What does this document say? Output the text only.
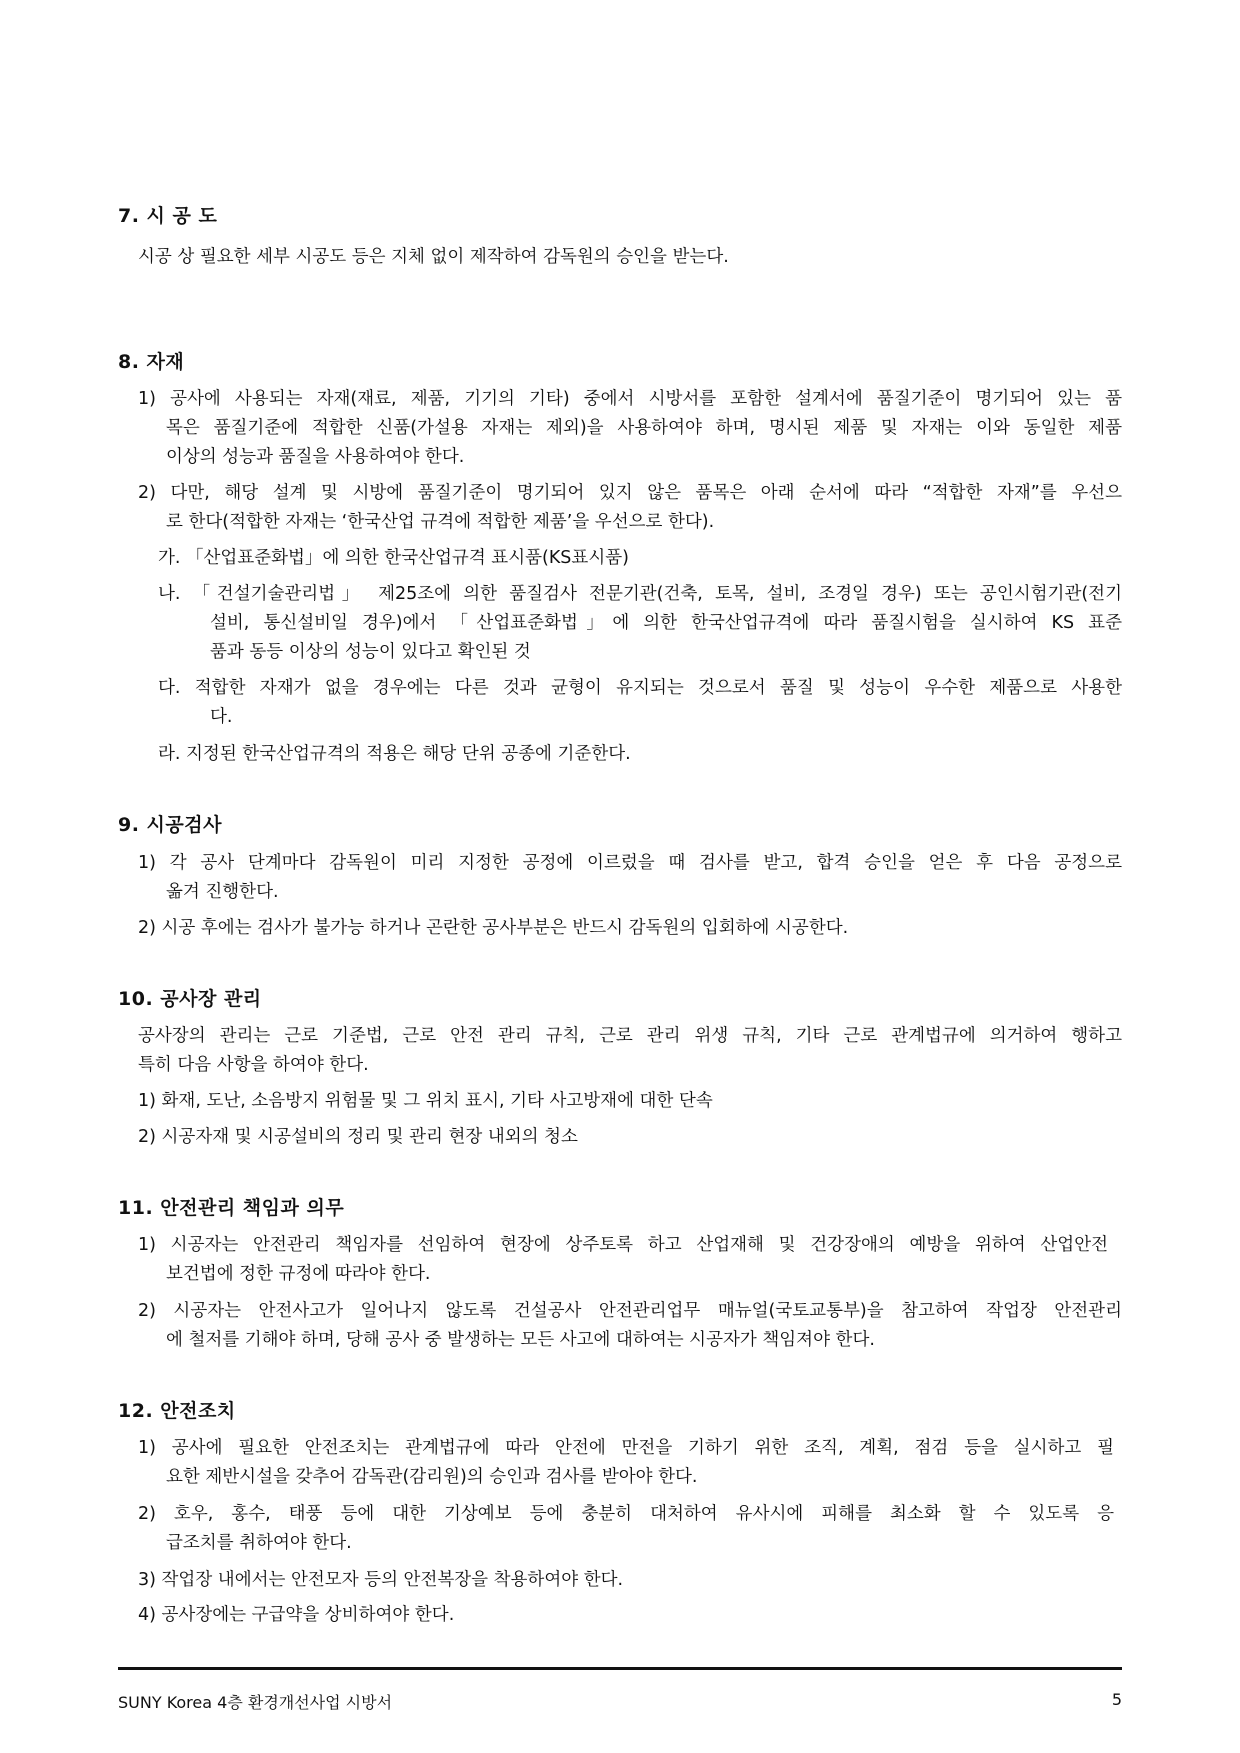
7. 시 공 도
시공 상 필요한 세부 시공도 등은 지체 없이 제작하여 감독원의 승인을 받는다.
8. 자재
1) 공사에 사용되는 자재(재료, 제품, 기기의 기타) 중에서 시방서를 포함한 설계서에 품질기준이 명기되어 있는 품
목은 품질기준에 적합한 신품(가설용 자재는 제외)을 사용하여야 하며, 명시된 제품 및 자재는 이와 동일한 제품
이상의 성능과 품질을 사용하여야 한다.
2) 다만, 해당 설계 및 시방에 품질기준이 명기되어 있지 않은 품목은 아래 순서에 따라 “적합한 자재”를 우선으
로 한다(적합한 자재는 ‘한국산업 규격에 적합한 제품’을 우선으로 한다).
가. 「산업표준화법」에 의한 한국산업규격 표시품(KS표시품)
나. 「건설기술관리법」 제25조에 의한 품질검사 전문기관(건축, 토목, 설비, 조경일 경우) 또는 공인시험기관(전기
설비, 통신설비일 경우)에서 「산업표준화법」에 의한 한국산업규격에 따라 품질시험을 실시하여 KS 표준
품과 동등 이상의 성능이 있다고 확인된 것
다. 적합한 자재가 없을 경우에는 다른 것과 균형이 유지되는 것으로서 품질 및 성능이 우수한 제품으로 사용한
다.
라. 지정된 한국산업규격의 적용은 해당 단위 공종에 기준한다.
9. 시공검사
1) 각 공사 단계마다 감독원이 미리 지정한 공정에 이르렀을 때 검사를 받고, 합격 승인을 얻은 후 다음 공정으로
옮겨 진행한다.
2) 시공 후에는 검사가 불가능 하거나 곤란한 공사부분은 반드시 감독원의 입회하에 시공한다.
10. 공사장 관리
공사장의 관리는 근로 기준법, 근로 안전 관리 규칙, 근로 관리 위생 규칙, 기타 근로 관계법규에 의거하여 행하고
특히 다음 사항을 하여야 한다.
1) 화재, 도난, 소음방지 위험물 및 그 위치 표시, 기타 사고방재에 대한 단속
2) 시공자재 및 시공설비의 정리 및 관리 현장 내외의 청소
11. 안전관리 책임과 의무
1) 시공자는 안전관리 책임자를 선임하여 현장에 상주토록 하고 산업재해 및 건강장애의 예방을 위하여 산업안전
보건법에 정한 규정에 따라야 한다.
2) 시공자는 안전사고가 일어나지 않도록 건설공사 안전관리업무 매뉴얼(국토교통부)을 참고하여 작업장 안전관리
에 철저를 기해야 하며, 당해 공사 중 발생하는 모든 사고에 대하여는 시공자가 책임져야 한다.
12. 안전조치
1) 공사에 필요한 안전조치는 관계법규에 따라 안전에 만전을 기하기 위한 조직, 계획, 점검 등을 실시하고 필
요한 제반시설을 갖추어 감독관(감리원)의 승인과 검사를 받아야 한다.
2) 호우, 홍수, 태풍 등에 대한 기상예보 등에 충분히 대처하여 유사시에 피해를 최소화 할 수 있도록 응
급조치를 취하여야 한다.
3) 작업장 내에서는 안전모자 등의 안전복장을 착용하여야 한다.
4) 공사장에는 구급약을 상비하여야 한다.
SUNY Korea 4층 환경개선사업 시방서	5
